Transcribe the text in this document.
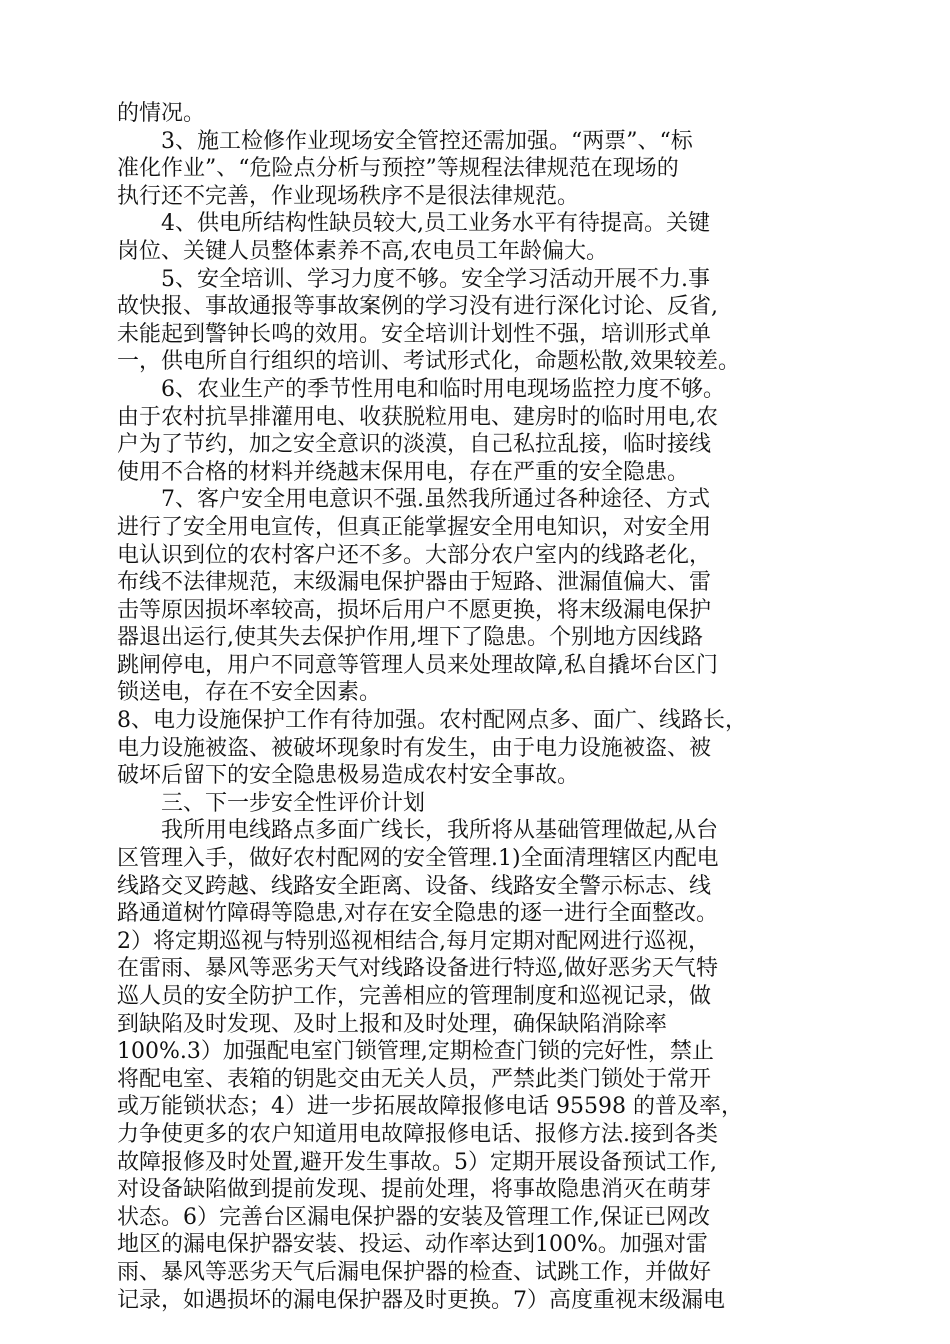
的情况。
　　3、施工检修作业现场安全管控还需加强。“两票”、“标
准化作业”、“危险点分析与预控”等规程法律规范在现场的
执行还不完善，作业现场秩序不是很法律规范。
　　4、供电所结构性缺员较大,员工业务水平有待提高。关键
岗位、关键人员整体素养不高,农电员工年龄偏大。
　　5、安全培训、学习力度不够。安全学习活动开展不力.事
故快报、事故通报等事故案例的学习没有进行深化讨论、反省,
未能起到警钟长鸣的效用。安全培训计划性不强，培训形式单
一，供电所自行组织的培训、考试形式化，命题松散,效果较差。
　　6、农业生产的季节性用电和临时用电现场监控力度不够。
由于农村抗旱排灌用电、收获脱粒用电、建房时的临时用电,农
户为了节约，加之安全意识的淡漠，自己私拉乱接，临时接线
使用不合格的材料并绕越末保用电，存在严重的安全隐患。
　　7、客户安全用电意识不强.虽然我所通过各种途径、方式
进行了安全用电宣传，但真正能掌握安全用电知识，对安全用
电认识到位的农村客户还不多。大部分农户室内的线路老化，
布线不法律规范，末级漏电保护器由于短路、泄漏值偏大、雷
击等原因损坏率较高，损坏后用户不愿更换，将末级漏电保护
器退出运行,使其失去保护作用,埋下了隐患。个别地方因线路
跳闸停电，用户不同意等管理人员来处理故障,私自撬坏台区门
锁送电，存在不安全因素。
8、电力设施保护工作有待加强。农村配网点多、面广、线路长，
电力设施被盗、被破坏现象时有发生，由于电力设施被盗、被
破坏后留下的安全隐患极易造成农村安全事故。
　　三、下一步安全性评价计划
　　我所用电线路点多面广线长，我所将从基础管理做起,从台
区管理入手，做好农村配网的安全管理.1)全面清理辖区内配电
线路交叉跨越、线路安全距离、设备、线路安全警示标志、线
路通道树竹障碍等隐患,对存在安全隐患的逐一进行全面整改。
2）将定期巡视与特别巡视相结合,每月定期对配网进行巡视，
在雷雨、暴风等恶劣天气对线路设备进行特巡,做好恶劣天气特
巡人员的安全防护工作，完善相应的管理制度和巡视记录，做
到缺陷及时发现、及时上报和及时处理，确保缺陷消除率
100%.3）加强配电室门锁管理,定期检查门锁的完好性，禁止
将配电室、表箱的钥匙交由无关人员，严禁此类门锁处于常开
或万能锁状态；4）进一步拓展故障报修电话 95598 的普及率，
力争使更多的农户知道用电故障报修电话、报修方法.接到各类
故障报修及时处置,避开发生事故。5）定期开展设备预试工作,
对设备缺陷做到提前发现、提前处理，将事故隐患消灭在萌芽
状态。6）完善台区漏电保护器的安装及管理工作,保证已网改
地区的漏电保护器安装、投运、动作率达到100%。加强对雷
雨、暴风等恶劣天气后漏电保护器的检查、试跳工作，并做好
记录，如遇损坏的漏电保护器及时更换。7）高度重视末级漏电
